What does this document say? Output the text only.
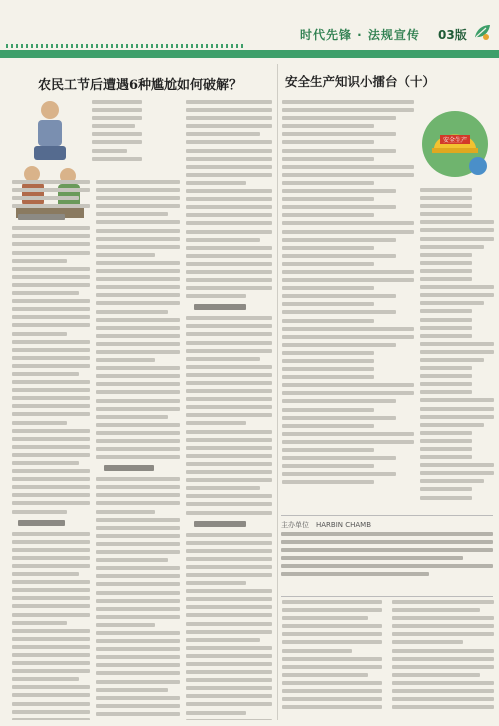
时代先锋 · 法规宣传 03版
农民工节后遭遇6种尴尬如何破解？	安全生产知识小擂台（十）
安全生产
主办单位　HARBIN CHAMB
